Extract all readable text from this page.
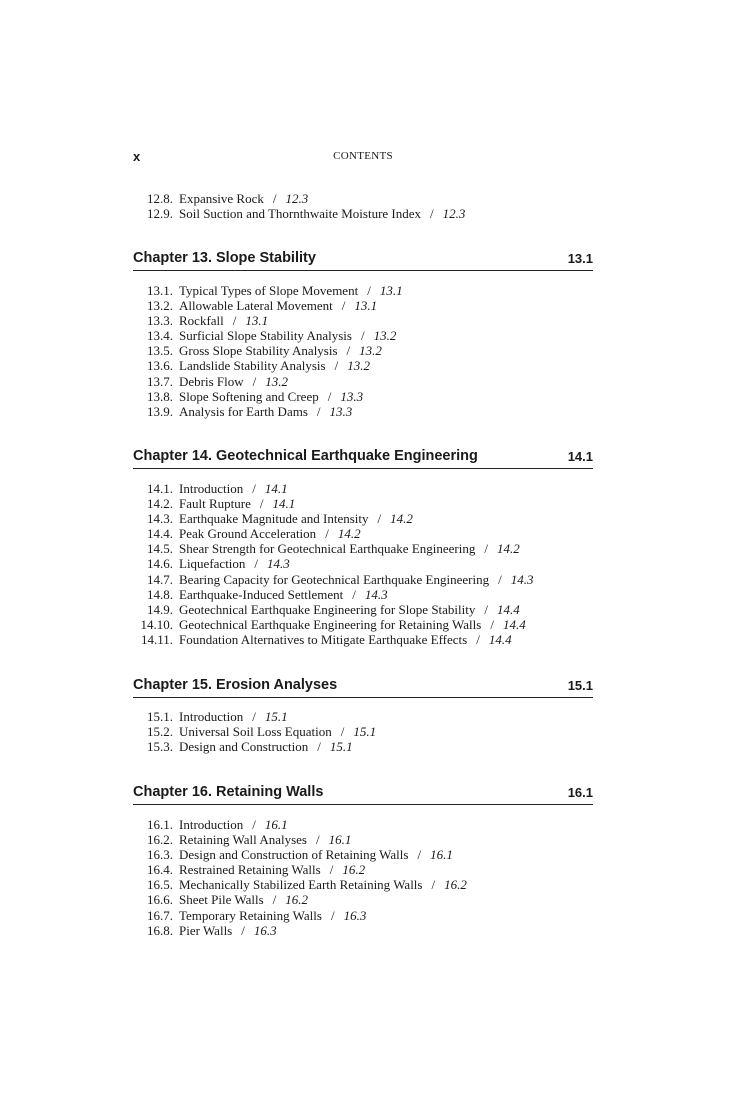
x	CONTENTS
12.8. Expansive Rock / 12.3
12.9. Soil Suction and Thornthwaite Moisture Index / 12.3
Chapter 13. Slope Stability	13.1
13.1. Typical Types of Slope Movement / 13.1
13.2. Allowable Lateral Movement / 13.1
13.3. Rockfall / 13.1
13.4. Surficial Slope Stability Analysis / 13.2
13.5. Gross Slope Stability Analysis / 13.2
13.6. Landslide Stability Analysis / 13.2
13.7. Debris Flow / 13.2
13.8. Slope Softening and Creep / 13.3
13.9. Analysis for Earth Dams / 13.3
Chapter 14. Geotechnical Earthquake Engineering	14.1
14.1. Introduction / 14.1
14.2. Fault Rupture / 14.1
14.3. Earthquake Magnitude and Intensity / 14.2
14.4. Peak Ground Acceleration / 14.2
14.5. Shear Strength for Geotechnical Earthquake Engineering / 14.2
14.6. Liquefaction / 14.3
14.7. Bearing Capacity for Geotechnical Earthquake Engineering / 14.3
14.8. Earthquake-Induced Settlement / 14.3
14.9. Geotechnical Earthquake Engineering for Slope Stability / 14.4
14.10. Geotechnical Earthquake Engineering for Retaining Walls / 14.4
14.11. Foundation Alternatives to Mitigate Earthquake Effects / 14.4
Chapter 15. Erosion Analyses	15.1
15.1. Introduction / 15.1
15.2. Universal Soil Loss Equation / 15.1
15.3. Design and Construction / 15.1
Chapter 16. Retaining Walls	16.1
16.1. Introduction / 16.1
16.2. Retaining Wall Analyses / 16.1
16.3. Design and Construction of Retaining Walls / 16.1
16.4. Restrained Retaining Walls / 16.2
16.5. Mechanically Stabilized Earth Retaining Walls / 16.2
16.6. Sheet Pile Walls / 16.2
16.7. Temporary Retaining Walls / 16.3
16.8. Pier Walls / 16.3
